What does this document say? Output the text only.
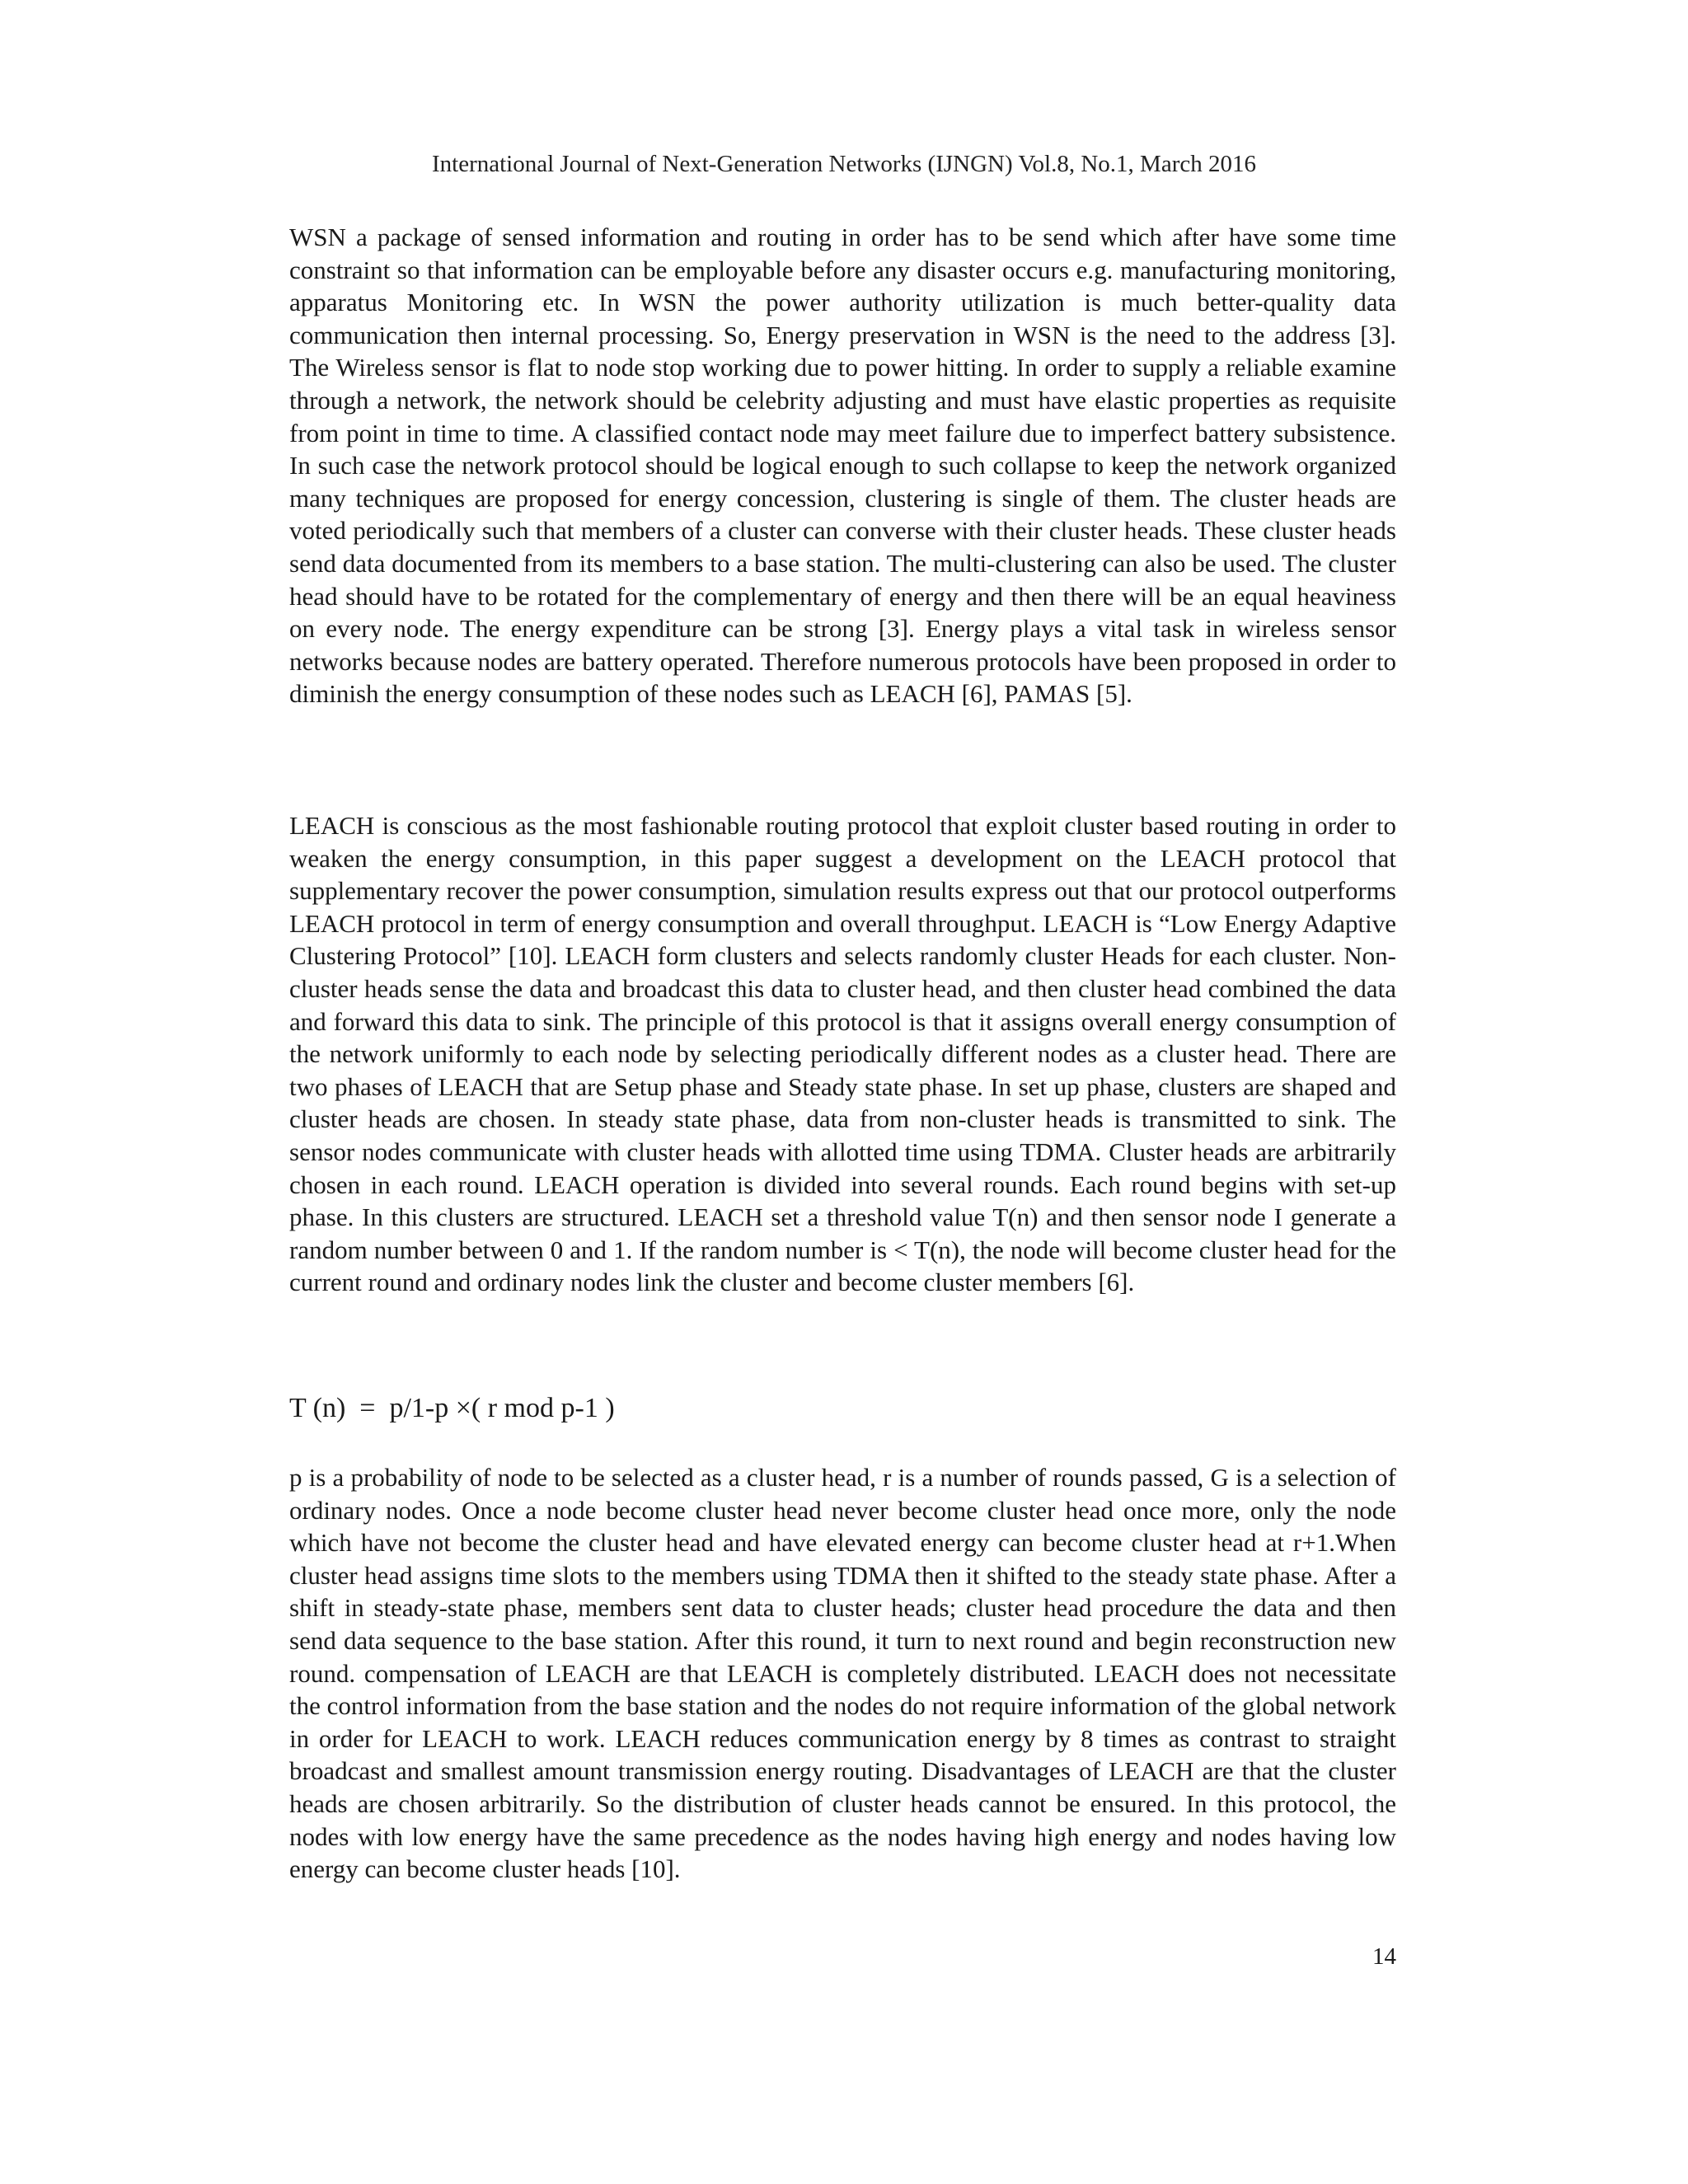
International Journal of Next-Generation Networks (IJNGN) Vol.8, No.1, March 2016

WSN a package of sensed information and routing in order has to be send which after have some time constraint so that information can be employable before any disaster occurs e.g. manufacturing monitoring, apparatus Monitoring etc. In WSN the power authority utilization is much better-quality data communication then internal processing. So, Energy preservation in WSN is the need to the address [3]. The Wireless sensor is flat to node stop working due to power hitting. In order to supply a reliable examine through a network, the network should be celebrity adjusting and must have elastic properties as requisite from point in time to time. A classified contact node may meet failure due to imperfect battery subsistence. In such case the network protocol should be logical enough to such collapse to keep the network organized many techniques are proposed for energy concession, clustering is single of them. The cluster heads are voted periodically such that members of a cluster can converse with their cluster heads. These cluster heads send data documented from its members to a base station. The multi-clustering can also be used. The cluster head should have to be rotated for the complementary of energy and then there will be an equal heaviness on every node. The energy expenditure can be strong [3]. Energy plays a vital task in wireless sensor networks because nodes are battery operated. Therefore numerous protocols have been proposed in order to diminish the energy consumption of these nodes such as LEACH [6], PAMAS [5].

LEACH is conscious as the most fashionable routing protocol that exploit cluster based routing in order to weaken the energy consumption, in this paper suggest a development on the LEACH protocol that supplementary recover the power consumption, simulation results express out that our protocol outperforms LEACH protocol in term of energy consumption and overall throughput. LEACH is “Low Energy Adaptive Clustering Protocol” [10]. LEACH form clusters and selects randomly cluster Heads for each cluster. Non- cluster heads sense the data and broadcast this data to cluster head, and then cluster head combined the data and forward this data to sink. The principle of this protocol is that it assigns overall energy consumption of the network uniformly to each node by selecting periodically different nodes as a cluster head. There are two phases of LEACH that are Setup phase and Steady state phase. In set up phase, clusters are shaped and cluster heads are chosen. In steady state phase, data from non-cluster heads is transmitted to sink. The sensor nodes communicate with cluster heads with allotted time using TDMA. Cluster heads are arbitrarily chosen in each round. LEACH operation is divided into several rounds. Each round begins with set-up phase. In this clusters are structured. LEACH set a threshold value T(n) and then sensor node I generate a random number between 0 and 1. If the random number is < T(n), the node will become cluster head for the current round and ordinary nodes link the cluster and become cluster members [6].

T (n)  =  p/1-p ×( r mod p-1 )

p is a probability of node to be selected as a cluster head, r is a number of rounds passed, G is a selection of ordinary nodes. Once a node become cluster head never become cluster head once more, only the node which have not become the cluster head and have elevated energy can become cluster head at r+1.When cluster head assigns time slots to the members using TDMA then it shifted to the steady state phase. After a shift in steady-state phase, members sent data to cluster heads; cluster head procedure the data and then send data sequence to the base station. After this round, it turn to next round and begin reconstruction new round. compensation of LEACH are that LEACH is completely distributed. LEACH does not necessitate the control information from the base station and the nodes do not require information of the global network in order for LEACH to work. LEACH reduces communication energy by 8 times as contrast to straight broadcast and smallest amount transmission energy routing. Disadvantages of LEACH are that the cluster heads are chosen arbitrarily. So the distribution of cluster heads cannot be ensured. In this protocol, the nodes with low energy have the same precedence as the nodes having high energy and nodes having low energy can become cluster heads [10].

14
